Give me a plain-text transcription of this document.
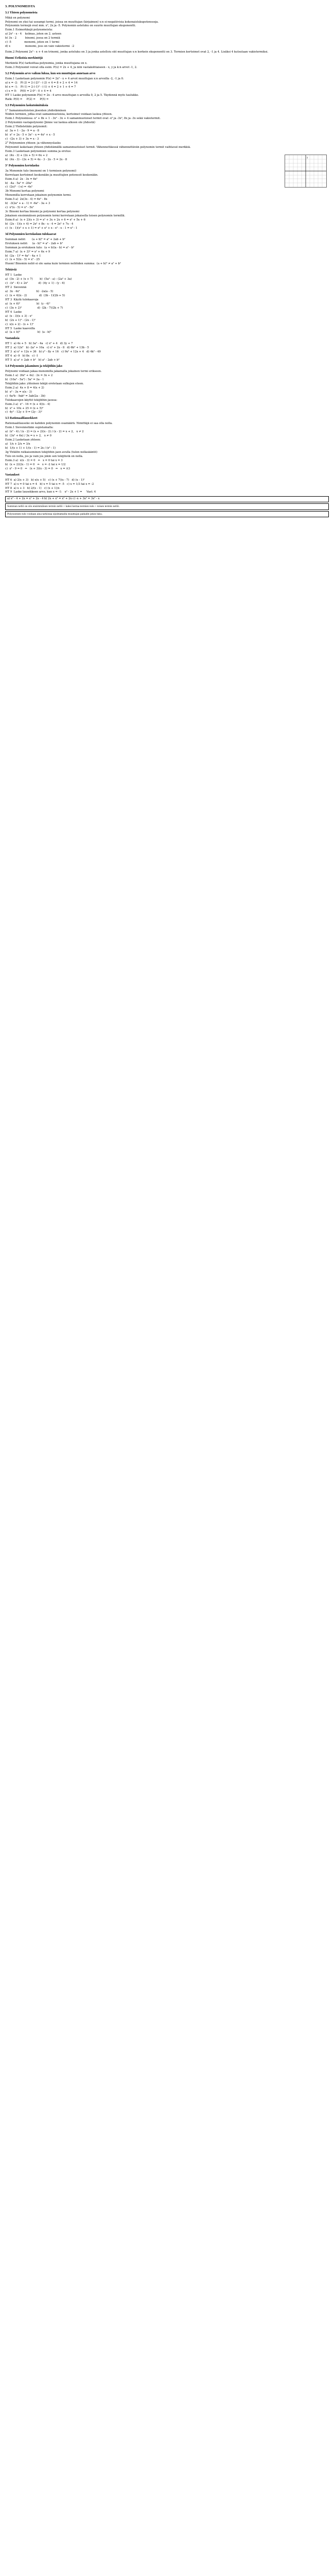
3. POLYNOMEISTA
3.1 Yhteen polynomeista
Mikä on polynomi
Polynomi on yksi tai useampi termi, joissa on muuttujan (kirjaimen) x:n ei-negatiivisia kokonaislukupotensseja.
Polynomin termejä ovat mm. x², 2x ja -5. Polynomin asteluku on suurin muuttujan eksponentti.
Esim.1 Esimerkkejä polynomeista:
a) 2x² - x - 4    kolmas, joten on 2. asteen
b) 3x - 2          binomi, jossa on 2 termiä
c) -5               monomi, joten on 1 termi
d) x                 monomi, joss on vain vakiotermi  -2
Esim.2 Polynomi 2x³ - x + 4 on trinomi, jonka asteluku on 3 ja jonka astellsiu ekt muuttujan x:n korkein eksponentti on 3. Termien kertoimet ovat 2, -1 ja 4. Lisäksi 4 kutsutaan vakiotermiksi.
Huom! Erikoisia merkintöjä
Merkintä P(x) tarkoittaa polynomia, jonka muuttujana on x.
Esim.3 Polynomit voivat olla esim. P(x) = 2x + 4, ja niin vastakohtaiseen - x, y ja k:n arvot -1, 2.
3.2 Polynomin arvo vaikuu lukua, kun sen muuttujan annetaan arvo
Esim.1 Lasketaan polynomin P(x) = 2x² - x + 4 arvot muuttujan x:n arvoilla -2, -1 ja 0.
a) x = -2:   P(-2) = 2·(-2)² - (-2) + 4 = 8 + 2 + 4 = 14
b) x = -1:   P(-1) = 2·(-1)² - (-1) + 4 = 2 + 1 + 4 = 7
c) x = 0:    P(0) = 2·0² - 0 + 4 = 4
HT 1 Laske polynomin P(x) = 2x - 4 arvo muuttujan x arvoilla 0, 2 ja 5. Täydennä myös taulukko.
Ratk: P(0) =     P(2) =     P(5) =
3.3 Polynomien laskutoimituksia
1° Samanmuotoisten jäsenten yhdistäminen
Niiden termien, jotka ovat samanmuotoisia, kertoimet voidaan laskea yhteen.
Esim.1 Polynomissa -x² + 8x + 1 - 3x² - 3x + 4 samanmuotoiset termit ovat -x² ja -3x², 8x ja -3x sekä vakiotermit.
2 Polynomin vastapolynomi (Jänne vai laskua alkoon ole yhdestä)
Esim.2 Yhdistetään polynomit:
a)  3a + 1 - 2a - 9 = a - 8
b)  x² + 2x - 5 + 3x² - x = 4x² + x - 5
c)  -(2x + 3) + 3x = x - 3
2° Polynomien yhteen- ja vähennyslasku
Polynomit lasketaan yhteen yhdistämällä samanmuotoiset termit. Vähennettäessä vähennettävän polynomin termit vaihtavat merkkiä.
Esim.3 Lasketaan polynomien summa ja erotus:
a)  (4x - 3) + (2x + 5) = 6x + 2
b)  (4x - 3) - (2x + 5) = 4x - 3 - 2x - 5 = 2x - 8
3° Polynomien kertolasku
3a Monomin tulo (monomi on 1-termisen polynomi)
Kerrotaan kertoimet keskenään ja muuttujien potenssit keskenään.
Esim.4 a)  2x · 3x = 6x²
b)  -4a · 5a² = -20a³
c)  (2x)² · (-x) = -4x³
3b Monomi kertaa polynomi
Monomilla kerrotaan jokainen polynomin termi.
Esim.5 a)  2x(3x - 4) = 6x² - 8x
b)  -3(2a² + a - 1) = -6a² - 3a + 3
c)  x²(x - 5) = x³ - 5x²
3c Binomi kertaa binomi ja polynomi kertaa polynomi
Jokainen ensimmäisen polynomin termi kerrotaan jokaisella toisen polynomin termillä.
Esim.6 a)  (x + 2)(x + 3) = x² + 3x + 2x + 6 = x² + 5x + 6
b)  (2x - 1)(x + 4) = 2x² + 8x - x - 4 = 2x² + 7x - 4
c)  (x - 1)(x² + x + 1) = x³ + x² + x - x² - x - 1 = x³ - 1
3d Polynomien kertolaskun tulokaavat
Summan neliö:       (a + b)² = a² + 2ab + b²
Erotuksen neliö:     (a - b)² = a² - 2ab + b²
Summan ja erotuksen tulo:  (a + b)(a - b) = a² - b²
Esim.7 a)  (x + 3)² = x² + 6x + 9
b)  (2a - 1)² = 4a² - 4a + 1
c)  (x + 5)(x - 5) = x² - 25
Huom! Binomin neliö ei ole sama kuin termien neliöiden summa:  (a + b)² ≠ a² + b²
Tehtäviä
HT 1  Laske
a)  (3x - 2) + (x + 7)        b)  (5a² - a) - (2a² + 3a)
c)  -(x² - 4) + 2x²            d)  (4y + 1) - (y - 6)
HT 2  Sievennä
a)  3x · 4x²                   b)  -2a(a - 5)
c)  (x + 4)(x - 2)              d)  (3b - 1)(2b + 5)
HT 3  Käytä tulokaavoja
a)  (x + 6)²                   b)  (y - 4)²
c)  (3x + 2)²                  d)  (2k - 7)(2k + 7)
HT 4  Laske
a)  (x - 3)(x + 3) - x²
b)  (2x + 1)² - (2x - 1)²
c)  x(x + 2) - (x + 1)²
HT 5  Laske kaavoilla
a)  (a + b)²                    b)  (a - b)²
Vastauksia
HT 1  a) 4x + 5   b) 3a² - 4a   c) x² + 4   d) 3y + 7
HT 2  a) 12x³   b) -2a² + 10a   c) x² + 2x - 8   d) 6b² + 13b - 5
HT 3  a) x² + 12x + 36   b) y² - 8y + 16   c) 9x² + 12x + 4   d) 4k² - 49
HT 4  a) -9   b) 8x   c) -1
HT 5  a) a² + 2ab + b²   b) a² - 2ab + b²
3.4 Polynomin jakaminen ja tekijöihin jako
Polynomi voidaan jakaa monomilla jakamalla jokainen termi erikseen.
Esim.1 a)  (6x² + 4x) : 2x = 3x + 2
b)  (10a³ - 5a²) : 5a² = 2a - 1
Tekijöihin jako: yhteinen tekijä erotetaan sulkujen eteen.
Esim.2 a)  4x + 8 = 4(x + 2)
b)  x² - 3x = x(x - 3)
c)  6a²b - 9ab² = 3ab(2a - 3b)
Tulokaavojen käyttö tekijöihin jaossa:
Esim.3 a)  x² - 16 = (x + 4)(x - 4)
b)  x² + 10x + 25 = (x + 5)²
c)  4y² - 12y + 9 = (2y - 3)²
3.5 Rationaalilausekkeet
Rationaalilauseke on kahden polynomin osamäärä. Nimittäjä ei saa olla nolla.
Esim.1 Sievennetään supistamalla:
a)  (x² - 4) / (x - 2) = (x + 2)(x - 2) / (x - 2) = x + 2,   x ≠ 2
b)  (3x² + 6x) / 3x = x + 2,   x ≠ 0
Esim.2 Lasketaan yhteen:
a)  1/x + 2/x = 3/x
b)  1/(x + 1) + 1/(x - 1) = 2x / (x² - 1)
3g Yhtälön ratkaiseminen tekijöihin jaon avulla (tulon nollasääntö)
Tulo on nolla, jos ja vain jos jokin sen tekijöistä on nolla.
Esim.3 a)  x(x - 3) = 0   ⇔   x = 0 tai x = 3
b)  (x + 2)(2x - 1) = 0   ⇔   x = -2 tai x = 1/2
c)  x² - 9 = 0   ⇔   (x + 3)(x - 3) = 0   ⇔   x = ±3
Vastaukset
HT 6  a) 2(x + 3)   b) x(x + 5)   c) (x + 7)(x - 7)   d) (x - 1)²
HT 7  a) x = 0 tai x = 4   b) x = 5 tai x = -5   c) x = 1/3 tai x = -2
HT 8  a) x + 3   b) 2/(x - 1)   c) (x + 1)/x
HT 9  Laske lausekkeen arvo, kun x = -1:   x² - 2x + 1 =     Vast: 4
a) x² - 4 + 2x = x² + 2x - 4 b) 2x + x² = x² + 2x c) -x + 3x² = 3x² - x
Summan neliö on siis ensimmäisen termin neliö + kaksi kertaa termien tulo + toisen termin neliö.
Polynomien tulo voidaan aina tarkistaa sijoittamalla muuttujan paikalle jokin luku.
y
